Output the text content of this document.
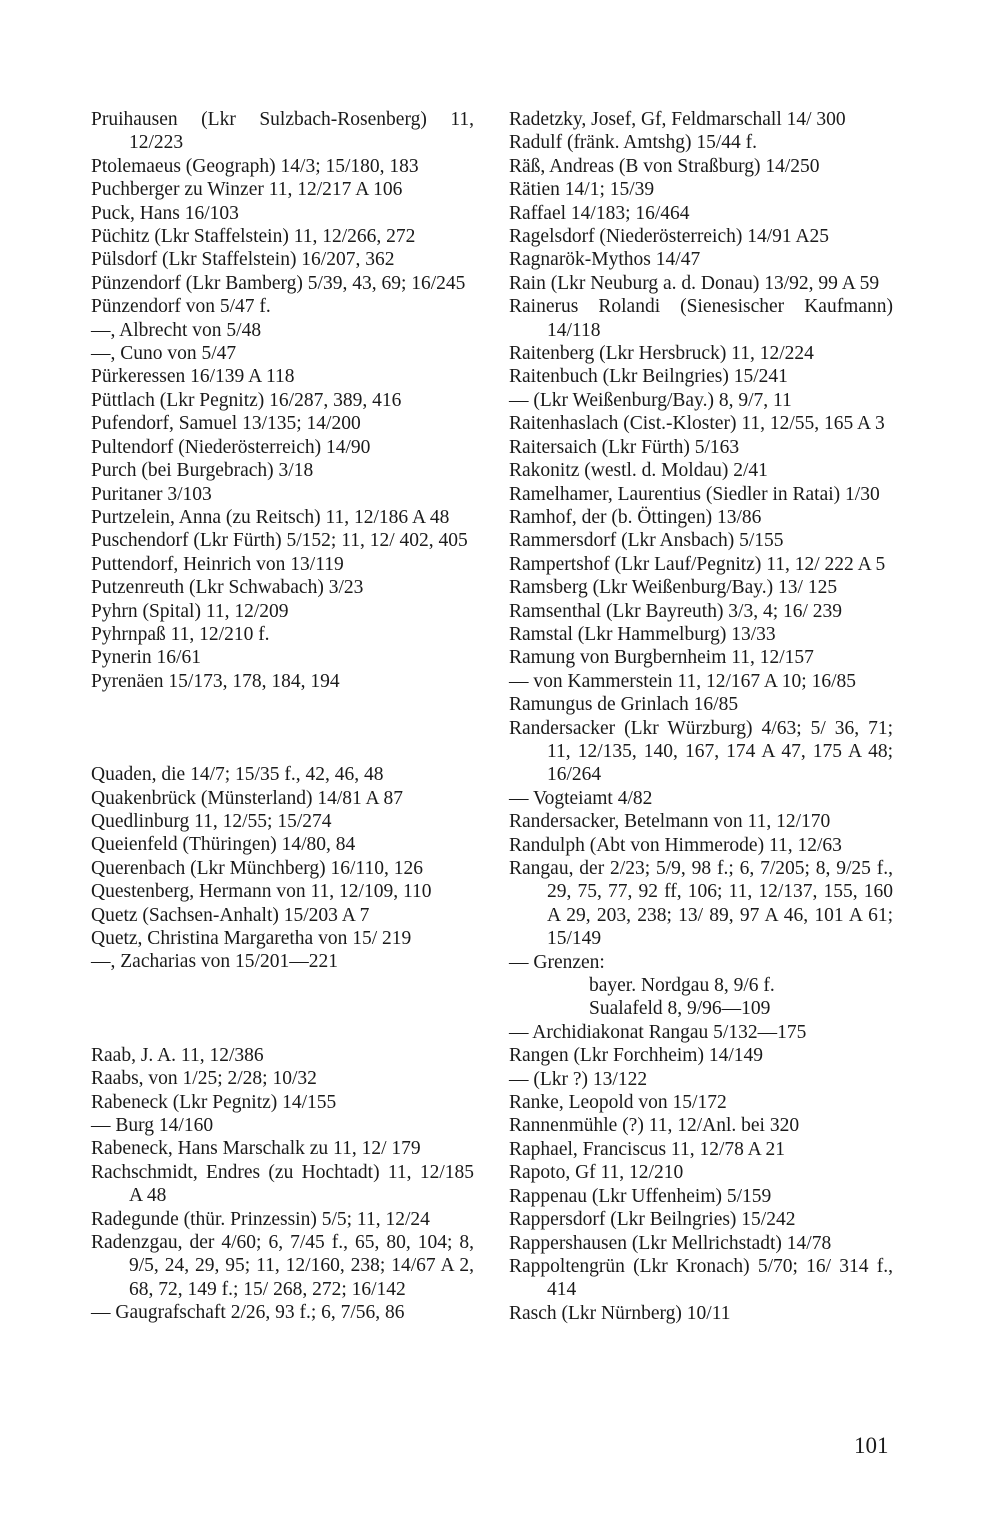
Pruihausen (Lkr Sulzbach-Rosenberg) 11, 12/223
Ptolemaeus (Geograph) 14/3; 15/180, 183
Puchberger zu Winzer 11, 12/217 A 106
Puck, Hans 16/103
Püchitz (Lkr Staffelstein) 11, 12/266, 272
Pülsdorf (Lkr Staffelstein) 16/207, 362
Pünzendorf (Lkr Bamberg) 5/39, 43, 69; 16/245
Pünzendorf von 5/47 f.
—, Albrecht von 5/48
—, Cuno von 5/47
Pürkeressen 16/139 A 118
Püttlach (Lkr Pegnitz) 16/287, 389, 416
Pufendorf, Samuel 13/135; 14/200
Pultendorf (Niederösterreich) 14/90
Purch (bei Burgebrach) 3/18
Puritaner 3/103
Purtzelein, Anna (zu Reitsch) 11, 12/186 A 48
Puschendorf (Lkr Fürth) 5/152; 11, 12/ 402, 405
Puttendorf, Heinrich von 13/119
Putzenreuth (Lkr Schwabach) 3/23
Pyhrn (Spital) 11, 12/209
Pyhrnpaß 11, 12/210 f.
Pynerin 16/61
Pyrenäen 15/173, 178, 184, 194
Quaden, die 14/7; 15/35 f., 42, 46, 48
Quakenbrück (Münsterland) 14/81 A 87
Quedlinburg 11, 12/55; 15/274
Queienfeld (Thüringen) 14/80, 84
Querenbach (Lkr Münchberg) 16/110, 126
Questenberg, Hermann von 11, 12/109, 110
Quetz (Sachsen-Anhalt) 15/203 A 7
Quetz, Christina Margaretha von 15/ 219
—, Zacharias von 15/201—221
Raab, J. A. 11, 12/386
Raabs, von 1/25; 2/28; 10/32
Rabeneck (Lkr Pegnitz) 14/155
— Burg 14/160
Rabeneck, Hans Marschalk zu 11, 12/ 179
Rachschmidt, Endres (zu Hochtadt) 11, 12/185 A 48
Radegunde (thür. Prinzessin) 5/5; 11, 12/24
Radenzgau, der 4/60; 6, 7/45 f., 65, 80, 104; 8, 9/5, 24, 29, 95; 11, 12/160, 238; 14/67 A 2, 68, 72, 149 f.; 15/ 268, 272; 16/142
— Gaugrafschaft 2/26, 93 f.; 6, 7/56, 86
Radetzky, Josef, Gf, Feldmarschall 14/ 300
Radulf (fränk. Amtshg) 15/44 f.
Räß, Andreas (B von Straßburg) 14/250
Rätien 14/1; 15/39
Raffael 14/183; 16/464
Ragelsdorf (Niederösterreich) 14/91 A25
Ragnarök-Mythos 14/47
Rain (Lkr Neuburg a. d. Donau) 13/92, 99 A 59
Rainerus Rolandi (Sienesischer Kaufmann) 14/118
Raitenberg (Lkr Hersbruck) 11, 12/224
Raitenbuch (Lkr Beilngries) 15/241
— (Lkr Weißenburg/Bay.) 8, 9/7, 11
Raitenhaslach (Cist.-Kloster) 11, 12/55, 165 A 3
Raitersaich (Lkr Fürth) 5/163
Rakonitz (westl. d. Moldau) 2/41
Ramelhamer, Laurentius (Siedler in Ratai) 1/30
Ramhof, der (b. Öttingen) 13/86
Rammersdorf (Lkr Ansbach) 5/155
Rampertshof (Lkr Lauf/Pegnitz) 11, 12/ 222 A 5
Ramsberg (Lkr Weißenburg/Bay.) 13/ 125
Ramsenthal (Lkr Bayreuth) 3/3, 4; 16/ 239
Ramstal (Lkr Hammelburg) 13/33
Ramung von Burgbernheim 11, 12/157
— von Kammerstein 11, 12/167 A 10; 16/85
Ramungus de Grinlach 16/85
Randersacker (Lkr Würzburg) 4/63; 5/ 36, 71; 11, 12/135, 140, 167, 174 A 47, 175 A 48; 16/264
— Vogteiamt 4/82
Randersacker, Betelmann von 11, 12/170
Randulph (Abt von Himmerode) 11, 12/63
Rangau, der 2/23; 5/9, 98 f.; 6, 7/205; 8, 9/25 f., 29, 75, 77, 92 ff, 106; 11, 12/137, 155, 160 A 29, 203, 238; 13/ 89, 97 A 46, 101 A 61; 15/149
— Grenzen:
bayer. Nordgau 8, 9/6 f.
Sualafeld 8, 9/96—109
— Archidiakonat Rangau 5/132—175
Rangen (Lkr Forchheim) 14/149
— (Lkr ?) 13/122
Ranke, Leopold von 15/172
Rannenmühle (?) 11, 12/Anl. bei 320
Raphael, Franciscus 11, 12/78 A 21
Rapoto, Gf 11, 12/210
Rappenau (Lkr Uffenheim) 5/159
Rappersdorf (Lkr Beilngries) 15/242
Rappershausen (Lkr Mellrichstadt) 14/78
Rappoltengrün (Lkr Kronach) 5/70; 16/ 314 f., 414
Rasch (Lkr Nürnberg) 10/11
101
